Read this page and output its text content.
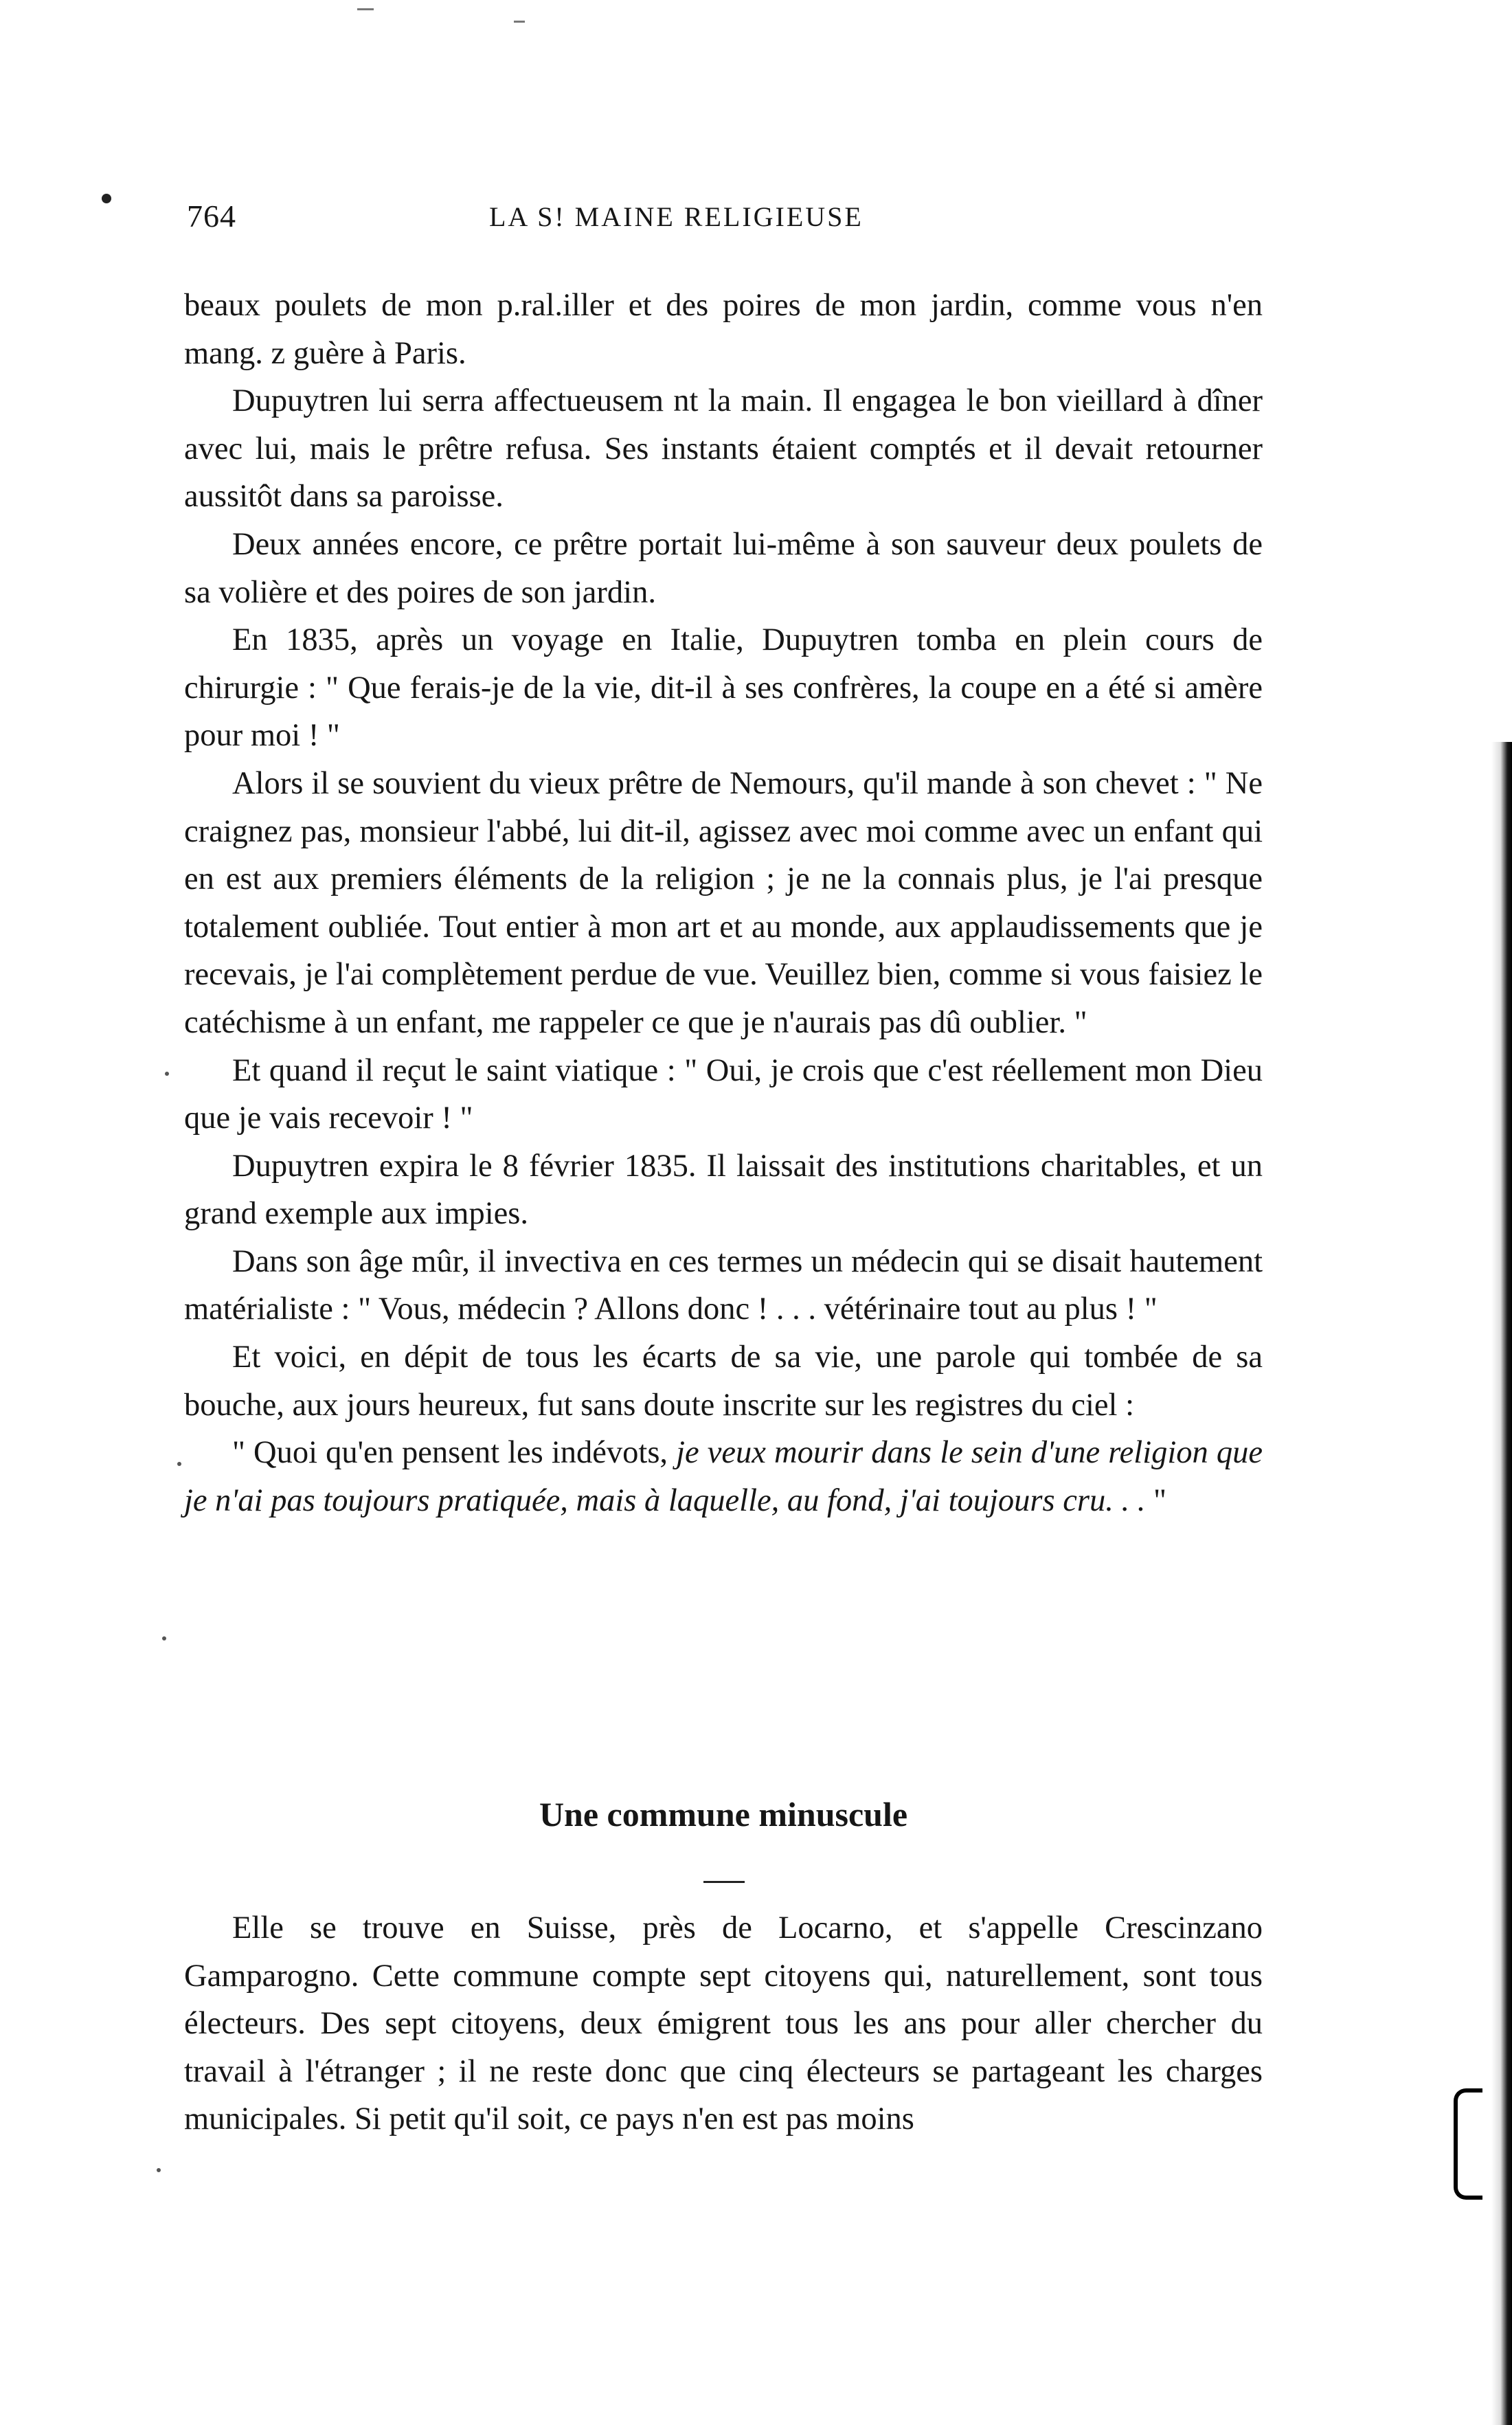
764	LA S! MAINE RELIGIEUSE

beaux poulets de mon p.ral.iller et des poires de mon jardin, comme vous n'en mang. z guère à Paris.

Dupuytren lui serra affectueusem nt la main. Il engagea le bon vieillard à dîner avec lui, mais le prêtre refusa. Ses instants étaient comptés et il devait retourner aussitôt dans sa paroisse.

Deux années encore, ce prêtre portait lui-même à son sauveur deux poulets de sa volière et des poires de son jardin.

En 1835, après un voyage en Italie, Dupuytren tomba en plein cours de chirurgie : " Que ferais-je de la vie, dit-il à ses confrères, la coupe en a été si amère pour moi ! "

Alors il se souvient du vieux prêtre de Nemours, qu'il mande à son chevet : " Ne craignez pas, monsieur l'abbé, lui dit-il, agissez avec moi comme avec un enfant qui en est aux premiers éléments de la religion ; je ne la connais plus, je l'ai presque totalement oubliée. Tout entier à mon art et au monde, aux applaudissements que je recevais, je l'ai complètement perdue de vue. Veuillez bien, comme si vous faisiez le catéchisme à un enfant, me rappeler ce que je n'aurais pas dû oublier. "

Et quand il reçut le saint viatique : " Oui, je crois que c'est réellement mon Dieu que je vais recevoir ! "

Dupuytren expira le 8 février 1835. Il laissait des institutions charitables, et un grand exemple aux impies.

Dans son âge mûr, il invectiva en ces termes un médecin qui se disait hautement matérialiste : " Vous, médecin ? Allons donc ! . . . vétérinaire tout au plus ! "

Et voici, en dépit de tous les écarts de sa vie, une parole qui tombée de sa bouche, aux jours heureux, fut sans doute inscrite sur les registres du ciel :

" Quoi qu'en pensent les indévots, je veux mourir dans le sein d'une religion que je n'ai pas toujours pratiquée, mais à laquelle, au fond, j'ai toujours cru. . . "

Une commune minuscule

Elle se trouve en Suisse, près de Locarno, et s'appelle Crescinzano Gamparogno. Cette commune compte sept citoyens qui, naturellement, sont tous électeurs. Des sept citoyens, deux émigrent tous les ans pour aller chercher du travail à l'étranger ; il ne reste donc que cinq électeurs se partageant les charges municipales. Si petit qu'il soit, ce pays n'en est pas moins
